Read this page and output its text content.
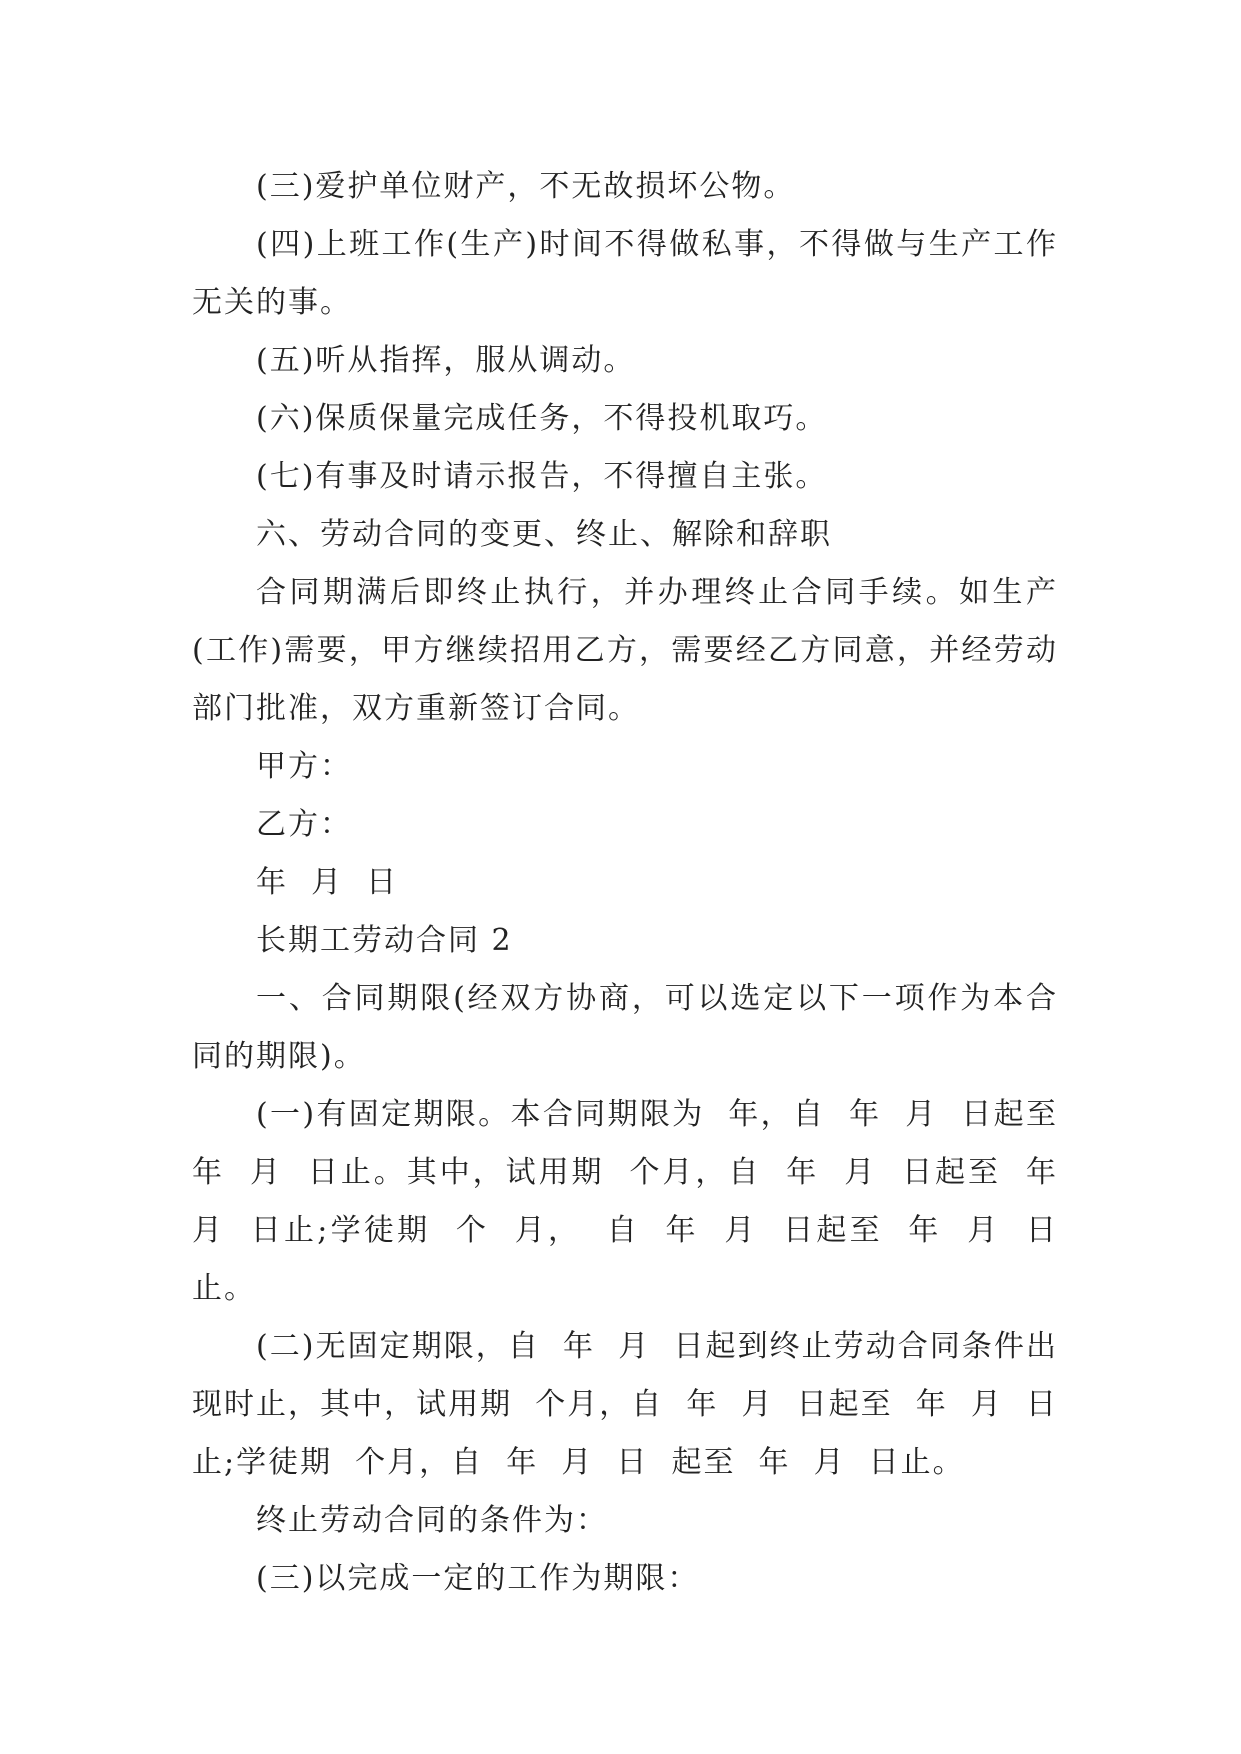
(三)爱护单位财产，不无故损坏公物。

(四)上班工作(生产)时间不得做私事，不得做与生产工作无关的事。

(五)听从指挥，服从调动。

(六)保质保量完成任务，不得投机取巧。

(七)有事及时请示报告，不得擅自主张。

六、劳动合同的变更、终止、解除和辞职

合同期满后即终止执行，并办理终止合同手续。如生产(工作)需要，甲方继续招用乙方，需要经乙方同意，并经劳动部门批准，双方重新签订合同。

甲方：

乙方：

年  月  日

长期工劳动合同 2

一、合同期限(经双方协商，可以选定以下一项作为本合同的期限)。

(一)有固定期限。本合同期限为  年，自  年  月  日起至  年  月  日止。其中，试用期  个月，自  年  月  日起至  年  月  日止;学徒期  个  月，  自  年  月  日起至  年  月  日止。

(二)无固定期限，自  年  月  日起到终止劳动合同条件出现时止，其中，试用期  个月，自  年  月  日起至  年  月  日止;学徒期  个月，自  年  月  日  起至  年  月  日止。

终止劳动合同的条件为：

(三)以完成一定的工作为期限：
